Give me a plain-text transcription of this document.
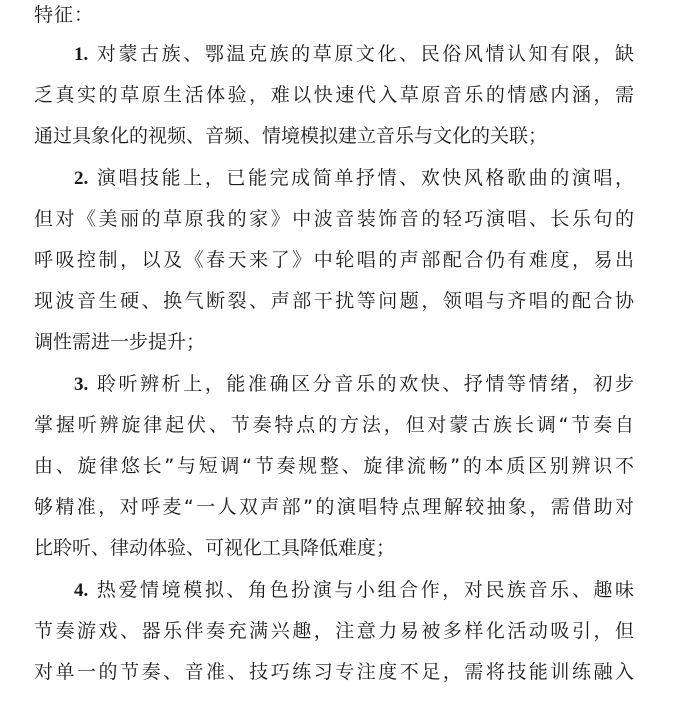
特征：
1. 对蒙古族、鄂温克族的草原文化、民俗风情认知有限，缺
乏真实的草原生活体验，难以快速代入草原音乐的情感内涵，需
通过具象化的视频、音频、情境模拟建立音乐与文化的关联；
2. 演唱技能上，已能完成简单抒情、欢快风格歌曲的演唱，
但对《美丽的草原我的家》中波音装饰音的轻巧演唱、长乐句的
呼吸控制，以及《春天来了》中轮唱的声部配合仍有难度，易出
现波音生硬、换气断裂、声部干扰等问题，领唱与齐唱的配合协
调性需进一步提升；
3. 聆听辨析上，能准确区分音乐的欢快、抒情等情绪，初步
掌握听辨旋律起伏、节奏特点的方法，但对蒙古族长调“节奏自
由、旋律悠长”与短调“节奏规整、旋律流畅”的本质区别辨识不
够精准，对呼麦“一人双声部”的演唱特点理解较抽象，需借助对
比聆听、律动体验、可视化工具降低难度；
4. 热爱情境模拟、角色扮演与小组合作，对民族音乐、趣味
节奏游戏、器乐伴奏充满兴趣，注意力易被多样化活动吸引，但
对单一的节奏、音准、技巧练习专注度不足，需将技能训练融入
